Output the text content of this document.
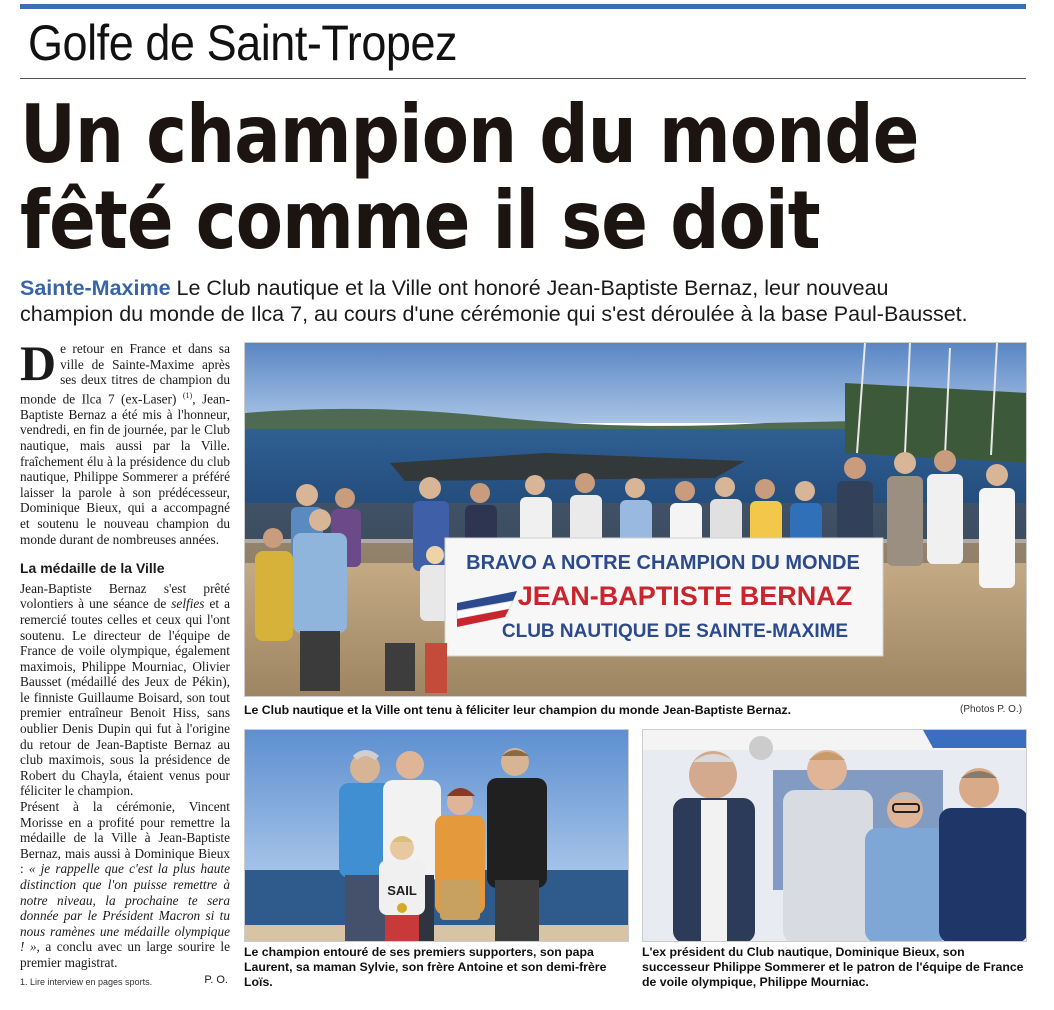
Golfe de Saint-Tropez
Un champion du monde
fêté comme il se doit
Sainte-Maxime Le Club nautique et la Ville ont honoré Jean-Baptiste Bernaz, leur nouveau
champion du monde de Ilca 7, au cours d'une cérémonie qui s'est déroulée à la base Paul-Bausset.

De retour en France et dans sa ville de Sainte-Maxime après ses deux titres de champion du monde de Ilca 7 (ex-Laser) $^{(1)}$, Jean-Baptiste Bernaz a été mis à l'honneur, vendredi, en fin de journée, par le Club nautique, mais aussi par la Ville. fraîchement élu à la présidence du club nautique, Philippe Sommerer a préféré laisser la parole à son prédécesseur, Dominique Bieux, qui a accompagné et soutenu le nouveau champion du monde durant de nombreuses années.

La médaille de la Ville

Jean-Baptiste Bernaz s'est prêté volontiers à une séance de selfies et a remercié toutes celles et ceux qui l'ont soutenu. Le directeur de l'équipe de France de voile olympique, également maximois, Philippe Mourniac, Olivier Bausset (médaillé des Jeux de Pékin), le finniste Guillaume Boisard, son tout premier entraîneur Benoit Hiss, sans oublier Denis Dupin qui fut à l'origine du retour de Jean-Baptiste Bernaz au club maximois, sous la présidence de Robert du Chayla, étaient venus pour féliciter le champion.

Présent à la cérémonie, Vincent Morisse en a profité pour remettre la médaille de la Ville à Jean-Baptiste Bernaz, mais aussi à Dominique Bieux : « je rappelle que c'est la plus haute distinction que l'on puisse remettre à notre niveau, la prochaine te sera donnée par le Président Macron si tu nous ramènes une médaille olympique ! », a conclu avec un large sourire le premier magistrat.

P. O.
1. Lire interview en pages sports.
BRAVO A NOTRE CHAMPION DU MONDE
JEAN-BAPTISTE BERNAZ
CLUB NAUTIQUE DE SAINTE-MAXIME
Le Club nautique et la Ville ont tenu à féliciter leur champion du monde Jean-Baptiste Bernaz.	(Photos P. O.)
SAIL
Le champion entouré de ses premiers supporters, son papa Laurent, sa maman Sylvie, son frère Antoine et son demi-frère Loïs.
L'ex président du Club nautique, Dominique Bieux, son successeur Philippe Sommerer et le patron de l'équipe de France de voile olympique, Philippe Mourniac.
